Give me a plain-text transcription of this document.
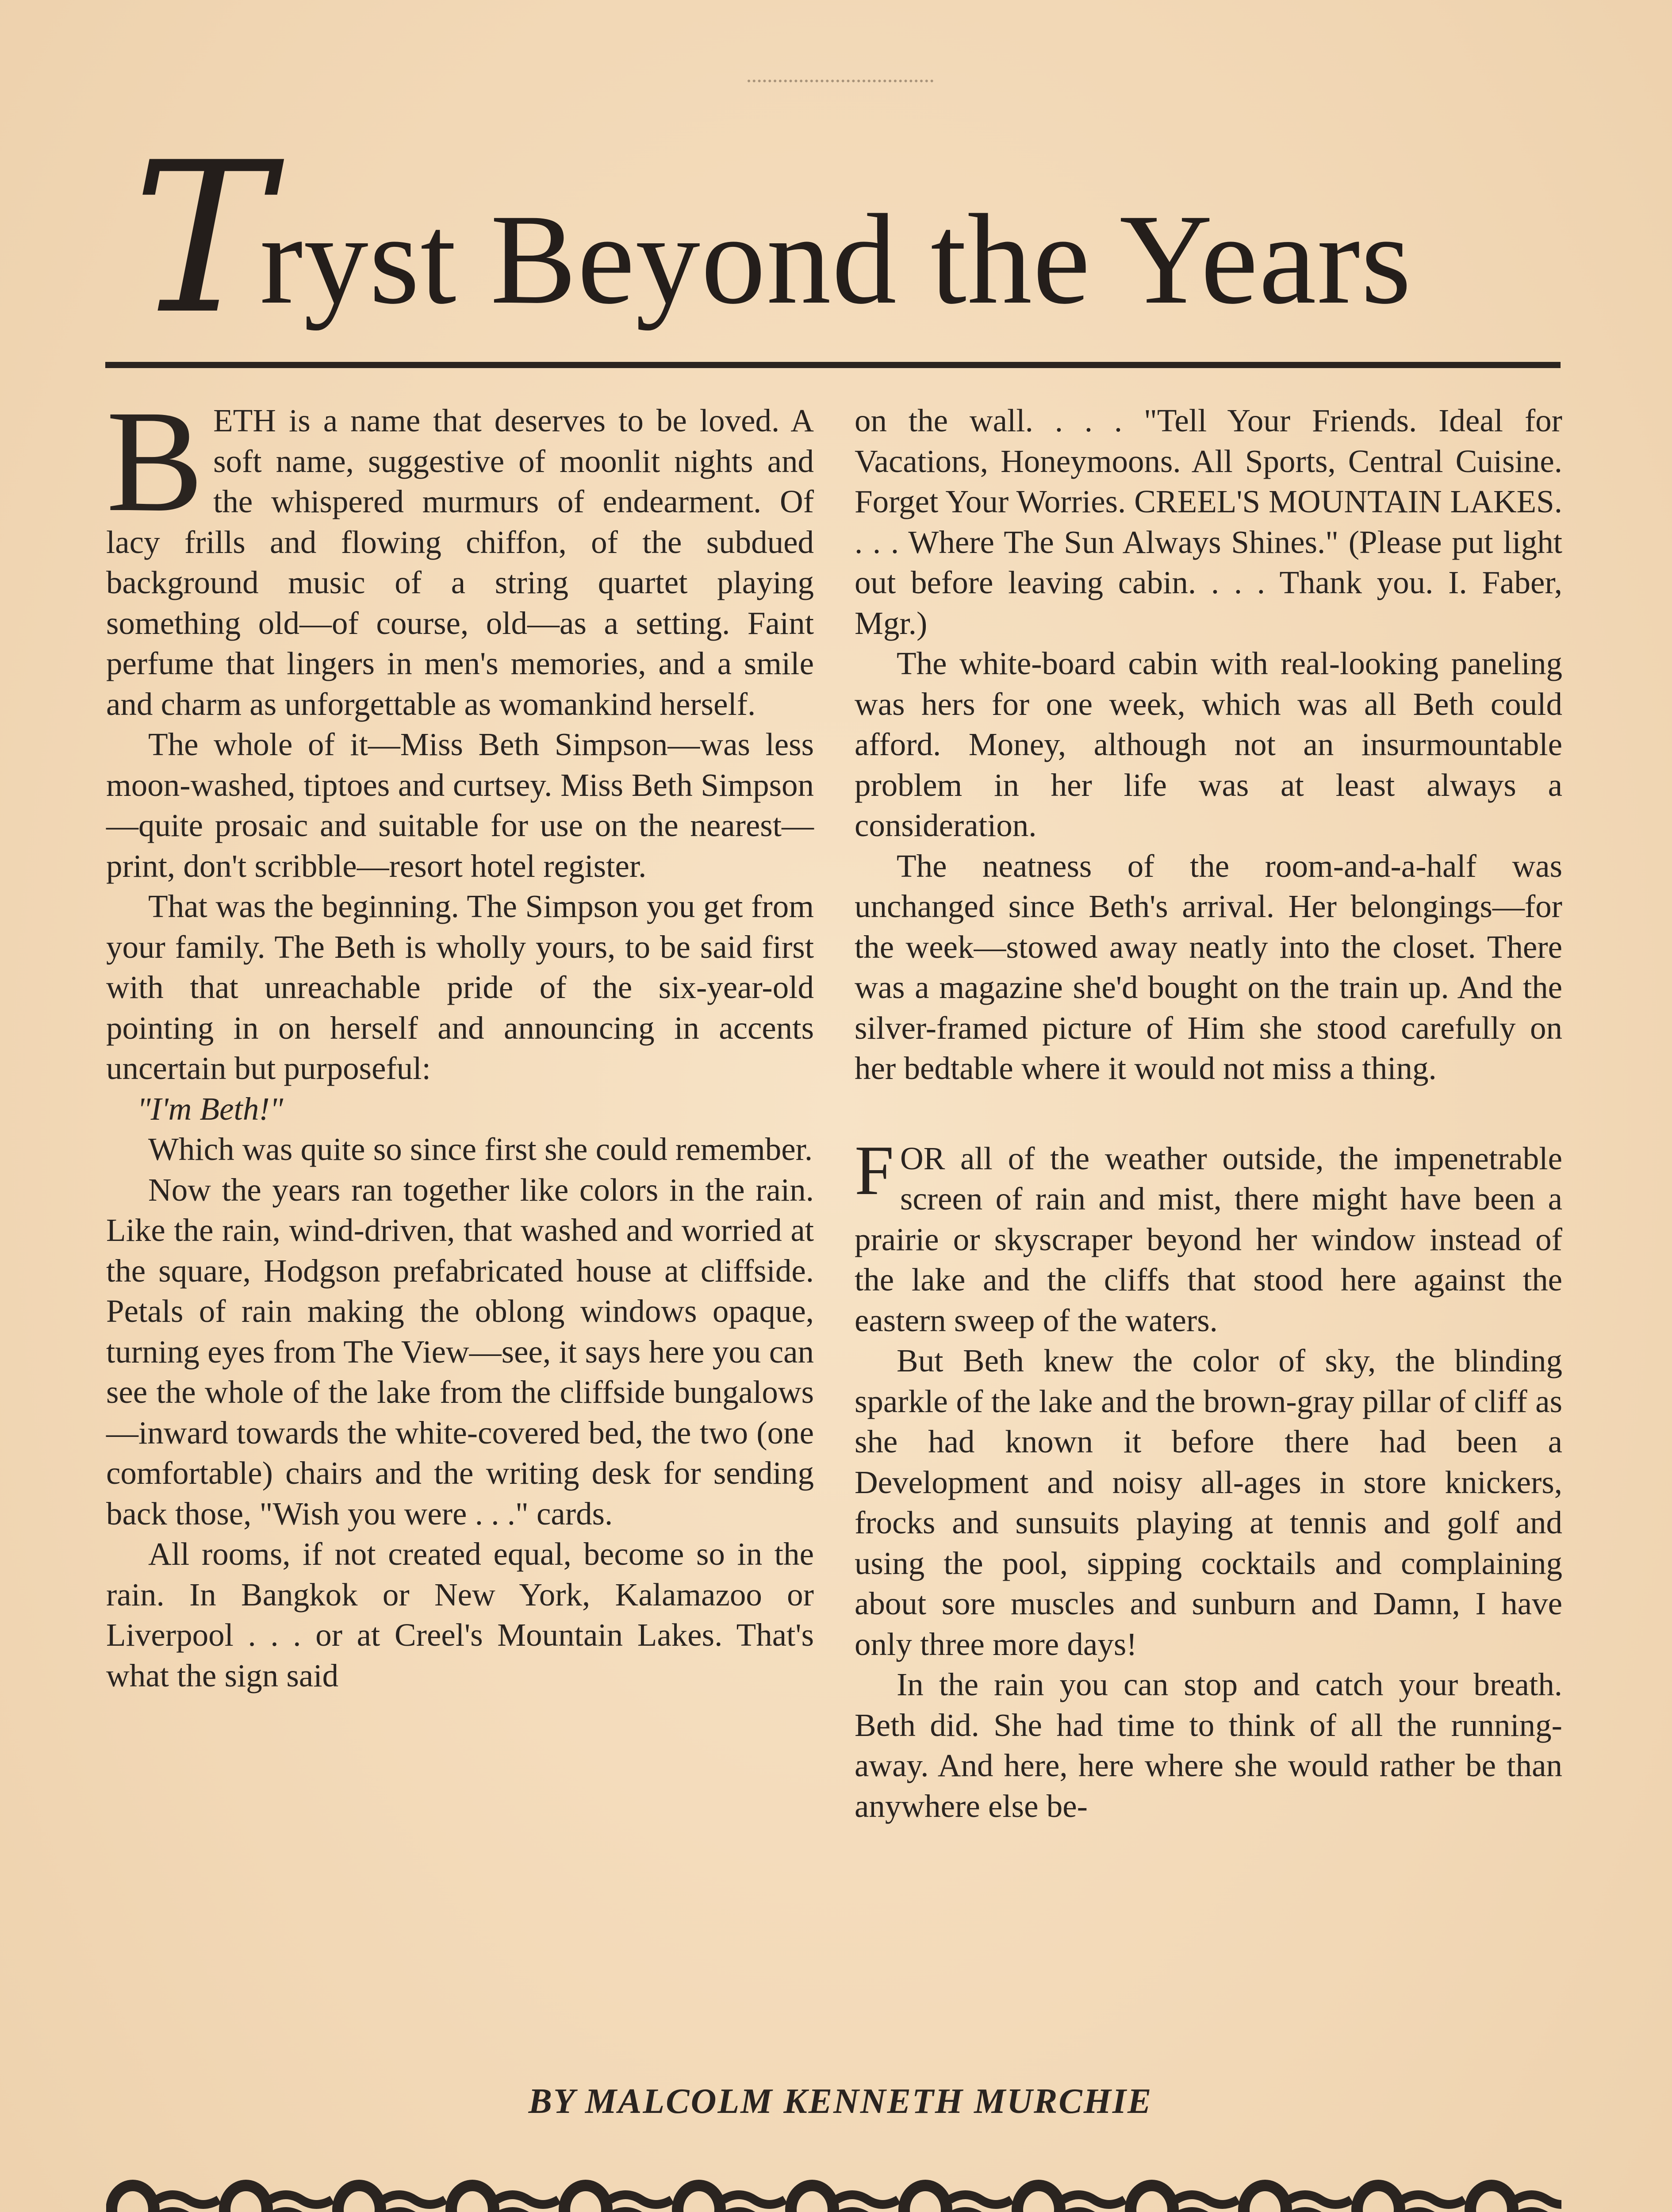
Tryst Beyond the Years

BETH is a name that deserves to be loved. A soft name, suggestive of moonlit nights and the whispered murmurs of endearment. Of lacy frills and flowing chiffon, of the subdued background music of a string quartet playing something old—of course, old—as a setting. Faint perfume that lingers in men's memories, and a smile and charm as unforgettable as womankind herself.

The whole of it—Miss Beth Simpson—was less moon-washed, tiptoes and curtsey. Miss Beth Simpson—quite prosaic and suitable for use on the nearest—print, don't scribble—resort hotel register.

That was the beginning. The Simpson you get from your family. The Beth is wholly yours, to be said first with that unreachable pride of the six-year-old pointing in on herself and announcing in accents uncertain but purposeful:

"I'm Beth!"

Which was quite so since first she could remember.

Now the years ran together like colors in the rain. Like the rain, wind-driven, that washed and worried at the square, Hodgson prefabricated house at cliffside. Petals of rain making the oblong windows opaque, turning eyes from The View—see, it says here you can see the whole of the lake from the cliffside bungalows—inward towards the white-covered bed, the two (one comfortable) chairs and the writing desk for sending back those, "Wish you were . . ." cards.

All rooms, if not created equal, become so in the rain. In Bangkok or New York, Kalamazoo or Liverpool . . . or at Creel's Mountain Lakes. That's what the sign said

on the wall. . . . "Tell Your Friends. Ideal for Vacations, Honeymoons. All Sports, Central Cuisine. Forget Your Worries. CREEL'S MOUNTAIN LAKES. . . . Where The Sun Always Shines." (Please put light out before leaving cabin. . . . Thank you. I. Faber, Mgr.)

The white-board cabin with real-looking paneling was hers for one week, which was all Beth could afford. Money, although not an insurmountable problem in her life was at least always a consideration.

The neatness of the room-and-a-half was unchanged since Beth's arrival. Her belongings—for the week—stowed away neatly into the closet. There was a magazine she'd bought on the train up. And the silver-framed picture of Him she stood carefully on her bedtable where it would not miss a thing.

FOR all of the weather outside, the impenetrable screen of rain and mist, there might have been a prairie or skyscraper beyond her window instead of the lake and the cliffs that stood here against the eastern sweep of the waters.

But Beth knew the color of sky, the blinding sparkle of the lake and the brown-gray pillar of cliff as she had known it before there had been a Development and noisy all-ages in store knickers, frocks and sunsuits playing at tennis and golf and using the pool, sipping cocktails and complaining about sore muscles and sunburn and Damn, I have only three more days!

In the rain you can stop and catch your breath. Beth did. She had time to think of all the running-away. And here, here where she would rather be than anywhere else be-

BY MALCOLM KENNETH MURCHIE
